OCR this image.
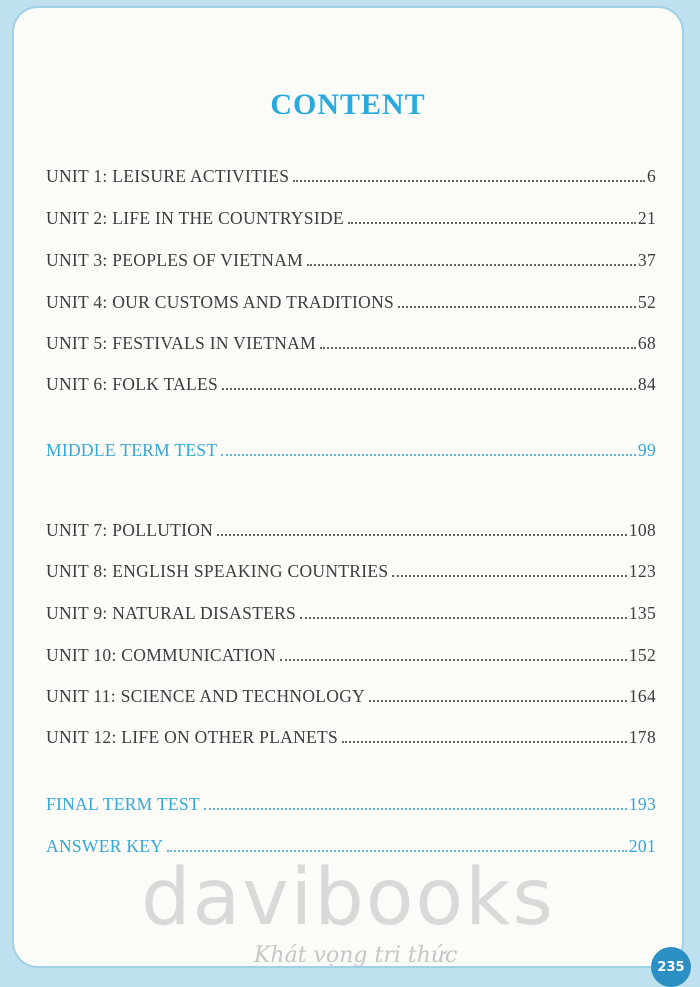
CONTENT
UNIT 1: LEISURE ACTIVITIES	6
UNIT 2: LIFE IN THE COUNTRYSIDE	21
UNIT 3: PEOPLES OF VIETNAM	37
UNIT 4: OUR CUSTOMS AND TRADITIONS	52
UNIT 5: FESTIVALS IN VIETNAM	68
UNIT 6: FOLK TALES	84
MIDDLE TERM TEST	99
UNIT 7: POLLUTION	108
UNIT 8: ENGLISH SPEAKING COUNTRIES	123
UNIT 9: NATURAL DISASTERS	135
UNIT 10: COMMUNICATION	152
UNIT 11: SCIENCE AND TECHNOLOGY	164
UNIT 12: LIFE ON OTHER PLANETS	178
FINAL TERM TEST	193
ANSWER KEY	201
davibooks
Khát vọng tri thức	235
